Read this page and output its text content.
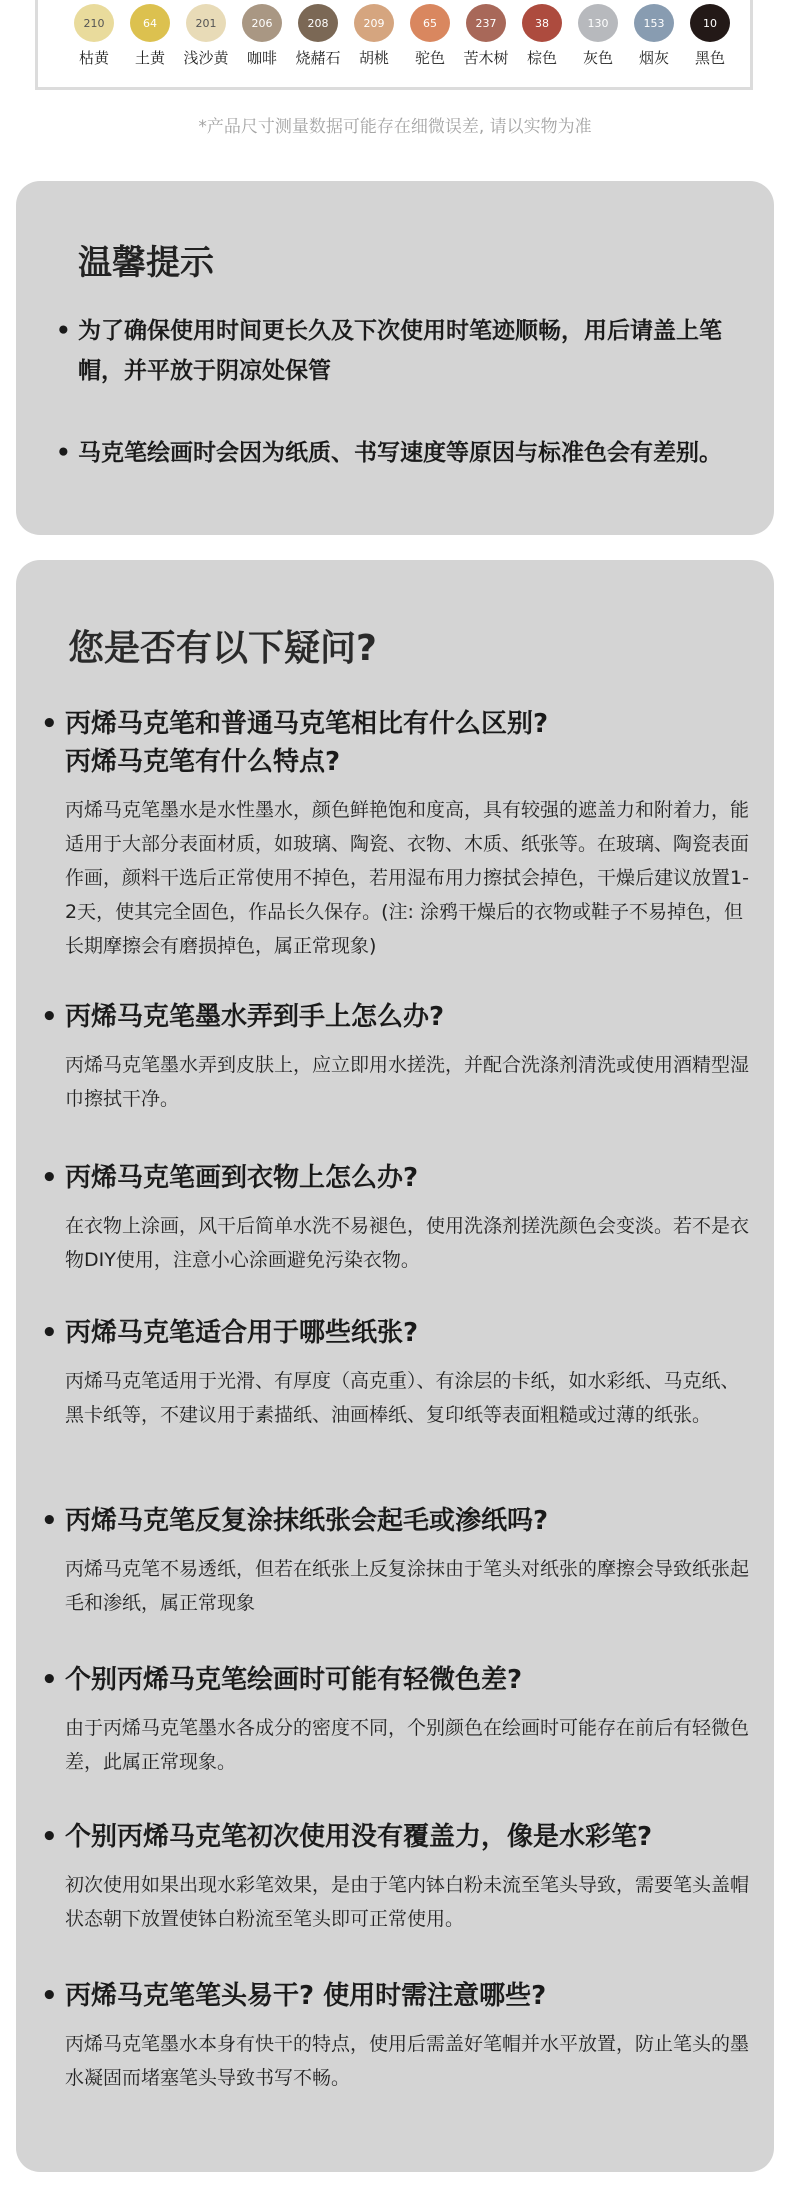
210
枯黄
64
土黄
201
浅沙黄
206
咖啡
208
烧赭石
209
胡桃
65
驼色
237
苦木树
38
棕色
130
灰色
153
烟灰
10
黑色
*产品尺寸测量数据可能存在细微误差, 请以实物为准
温馨提示
• 为了确保使用时间更长久及下次使用时笔迹顺畅，用后请盖上笔帽，并平放于阴凉处保管
• 马克笔绘画时会因为纸质、书写速度等原因与标准色会有差别。
您是否有以下疑问?
• 丙烯马克笔和普通马克笔相比有什么区别?
丙烯马克笔有什么特点?
丙烯马克笔墨水是水性墨水，颜色鲜艳饱和度高，具有较强的遮盖力和附着力，能适用于大部分表面材质，如玻璃、陶瓷、衣物、木质、纸张等。在玻璃、陶瓷表面作画，颜料干选后正常使用不掉色，若用湿布用力擦拭会掉色，干燥后建议放置1-2天，使其完全固色，作品长久保存。(注: 涂鸦干燥后的衣物或鞋子不易掉色，但长期摩擦会有磨损掉色，属正常现象)
• 丙烯马克笔墨水弄到手上怎么办?
丙烯马克笔墨水弄到皮肤上，应立即用水搓洗，并配合洗涤剂清洗或使用酒精型湿巾擦拭干净。
• 丙烯马克笔画到衣物上怎么办?
在衣物上涂画，风干后简单水洗不易褪色，使用洗涤剂搓洗颜色会变淡。若不是衣物DIY使用，注意小心涂画避免污染衣物。
• 丙烯马克笔适合用于哪些纸张?
丙烯马克笔适用于光滑、有厚度（高克重）、有涂层的卡纸，如水彩纸、马克纸、黑卡纸等，不建议用于素描纸、油画棒纸、复印纸等表面粗糙或过薄的纸张。
• 丙烯马克笔反复涂抹纸张会起毛或渗纸吗?
丙烯马克笔不易透纸，但若在纸张上反复涂抹由于笔头对纸张的摩擦会导致纸张起毛和渗纸，属正常现象
• 个别丙烯马克笔绘画时可能有轻微色差?
由于丙烯马克笔墨水各成分的密度不同，个别颜色在绘画时可能存在前后有轻微色差，此属正常现象。
• 个别丙烯马克笔初次使用没有覆盖力，像是水彩笔?
初次使用如果出现水彩笔效果，是由于笔内钵白粉未流至笔头导致，需要笔头盖帽状态朝下放置使钵白粉流至笔头即可正常使用。
• 丙烯马克笔笔头易干? 使用时需注意哪些?
丙烯马克笔墨水本身有快干的特点，使用后需盖好笔帽并水平放置，防止笔头的墨水凝固而堵塞笔头导致书写不畅。
